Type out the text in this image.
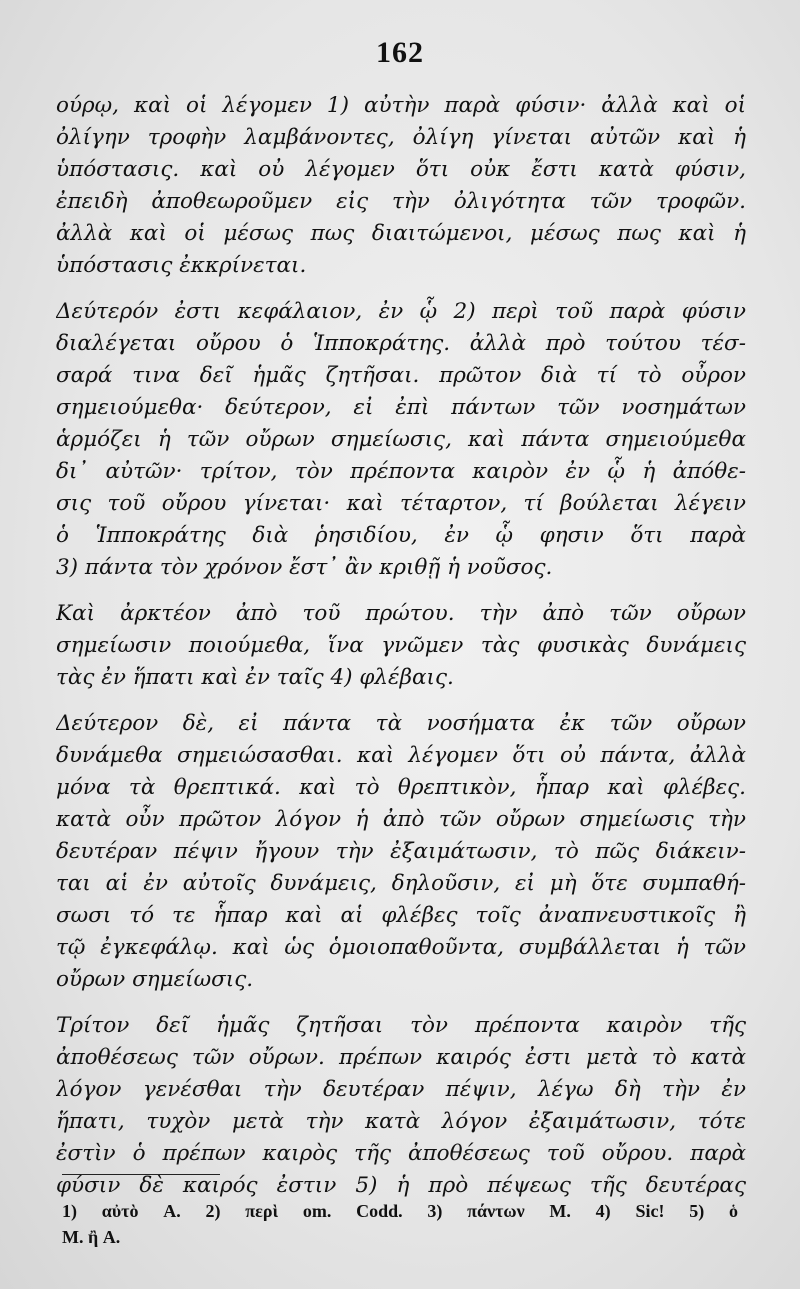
162
ούρῳ, καὶ οἱ λέγομεν 1) αὐτὴν παρὰ φύσιν· ἀλλὰ καὶ οἱ
ὀλίγην τροφὴν λαμβάνοντες, ὀλίγη γίνεται αὐτῶν καὶ ἡ
ὑπόστασις. καὶ οὐ λέγομεν ὅτι οὐκ ἔστι κατὰ φύσιν,
ἐπειδὴ ἀποθεωροῦμεν εἰς τὴν ὀλιγότητα τῶν τροφῶν.
ἀλλὰ καὶ οἱ μέσως πως διαιτώμενοι, μέσως πως καὶ ἡ
ὑπόστασις ἐκκρίνεται.
Δεύτερόν ἐστι κεφάλαιον, ἐν ᾧ 2) περὶ τοῦ παρὰ φύσιν
διαλέγεται οὔρου ὁ Ἱπποκράτης. ἀλλὰ πρὸ τούτου τέσ-
σαρά τινα δεῖ ἡμᾶς ζητῆσαι. πρῶτον διὰ τί τὸ οὖρον
σημειούμεθα· δεύτερον, εἰ ἐπὶ πάντων τῶν νοσημάτων
ἁρμόζει ἡ τῶν οὔρων σημείωσις, καὶ πάντα σημειούμεθα
δι᾽ αὐτῶν· τρίτον, τὸν πρέποντα καιρὸν ἐν ᾧ ἡ ἀπόθε-
σις τοῦ οὔρου γίνεται· καὶ τέταρτον, τί βούλεται λέγειν
ὁ Ἱπποκράτης διὰ ῥησιδίου, ἐν ᾧ φησιν ὅτι παρὰ
3) πάντα τὸν χρόνον ἔστ᾽ ἂν κριθῇ ἡ νοῦσος.
Καὶ ἀρκτέον ἀπὸ τοῦ πρώτου. τὴν ἀπὸ τῶν οὔρων
σημείωσιν ποιούμεθα, ἵνα γνῶμεν τὰς φυσικὰς δυνάμεις
τὰς ἐν ἥπατι καὶ ἐν ταῖς 4) φλέβαις.
Δεύτερον δὲ, εἰ πάντα τὰ νοσήματα ἐκ τῶν οὔρων
δυνάμεθα σημειώσασθαι. καὶ λέγομεν ὅτι οὐ πάντα, ἀλλὰ
μόνα τὰ θρεπτικά. καὶ τὸ θρεπτικὸν, ἧπαρ καὶ φλέβες.
κατὰ οὖν πρῶτον λόγον ἡ ἀπὸ τῶν οὔρων σημείωσις τὴν
δευτέραν πέψιν ἤγουν τὴν ἐξαιμάτωσιν, τὸ πῶς διάκειν-
ται αἱ ἐν αὐτοῖς δυνάμεις, δηλοῦσιν, εἰ μὴ ὅτε συμπαθή-
σωσι τό τε ἧπαρ καὶ αἱ φλέβες τοῖς ἀναπνευστικοῖς ἢ
τῷ ἐγκεφάλῳ. καὶ ὡς ὁμοιοπαθοῦντα, συμβάλλεται ἡ τῶν
οὔρων σημείωσις.
Τρίτον δεῖ ἡμᾶς ζητῆσαι τὸν πρέποντα καιρὸν τῆς
ἀποθέσεως τῶν οὔρων. πρέπων καιρός ἐστι μετὰ τὸ κατὰ
λόγον γενέσθαι τὴν δευτέραν πέψιν, λέγω δὴ τὴν ἐν
ἥπατι, τυχὸν μετὰ τὴν κατὰ λόγον ἐξαιμάτωσιν, τότε
ἐστὶν ὁ πρέπων καιρὸς τῆς ἀποθέσεως τοῦ οὔρου. παρὰ
φύσιν δὲ καιρός ἐστιν 5) ἡ πρὸ πέψεως τῆς δευτέρας
1) αὐτὸ A. 2) περὶ om. Codd. 3) πάντων M. 4) Sic! 5) ὁ
M. ἢ A.
